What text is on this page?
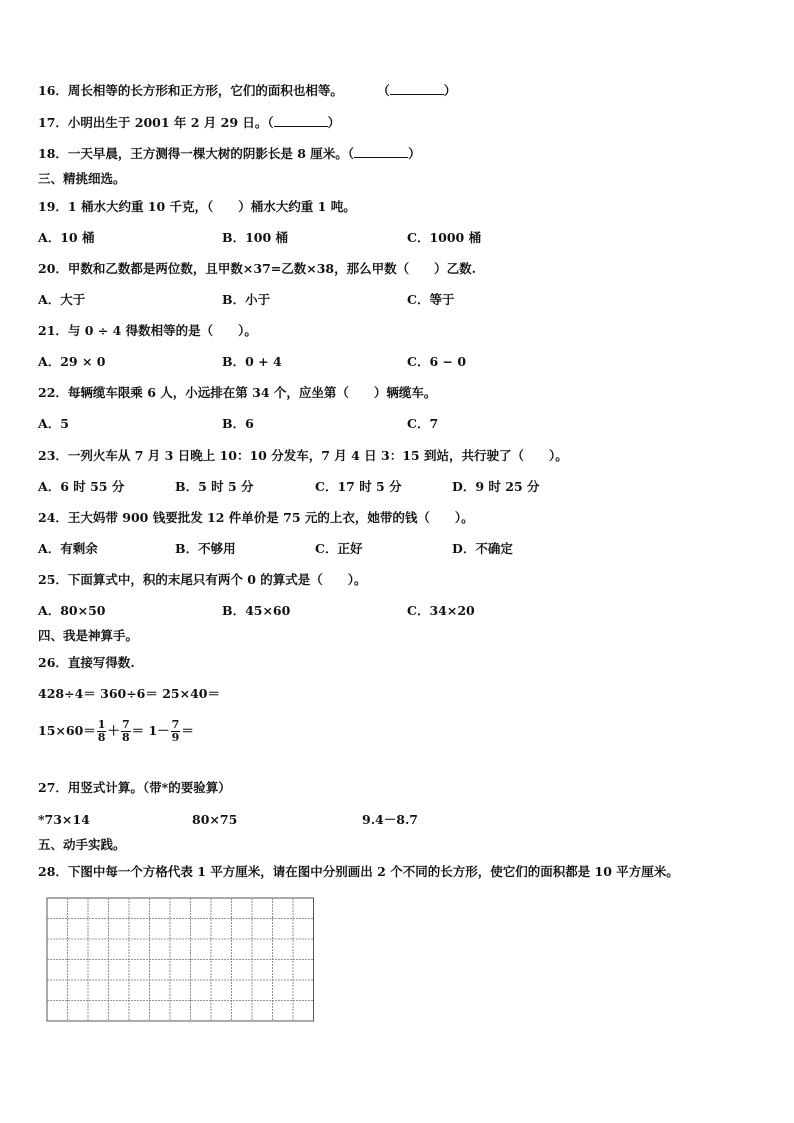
16．周长相等的长方形和正方形，它们的面积也相等。	（	）
17．小明出生于 2001 年 2 月 29 日。（	）
18．一天早晨，王方测得一棵大树的阴影长是 8 厘米。（	）
三、精挑细选。
19．1 桶水大约重 10 千克，（　　）桶水大约重 1 吨。
A．10 桶	B．100 桶	C．1000 桶
20．甲数和乙数都是两位数，且甲数×37=乙数×38，那么甲数（　　）乙数.
A．大于	B．小于	C．等于
21．与 0 ÷ 4 得数相等的是（　　）。
A．29 × 0	B．0 + 4	C．6 − 0
22．每辆缆车限乘 6 人，小远排在第 34 个，应坐第（　　）辆缆车。
A．5	B．6	C．7
23．一列火车从 7 月 3 日晚上 10：10 分发车，7 月 4 日 3：15 到站，共行驶了（　　）。
A．6 时 55 分	B．5 时 5 分	C．17 时 5 分	D．9 时 25 分
24．王大妈带 900 钱要批发 12 件单价是 75 元的上衣，她带的钱（　　）。
A．有剩余	B．不够用	C．正好	D．不确定
25．下面算式中，积的末尾只有两个 0 的算式是（　　）。
A．80×50	B．45×60	C．34×20
四、我是神算手。
26．直接写得数.
428÷4＝ 360÷6＝ 25×40＝
$15\times 60= \frac{1}{8} + \frac{7}{8} = 1- \frac{7}{9}$ ＝
27．用竖式计算。（带*的要验算）
*73×14	80×75	9.4－8.7
五、动手实践。
28．下图中每一个方格代表 1 平方厘米，请在图中分别画出 2 个不同的长方形，使它们的面积都是 10 平方厘米。
